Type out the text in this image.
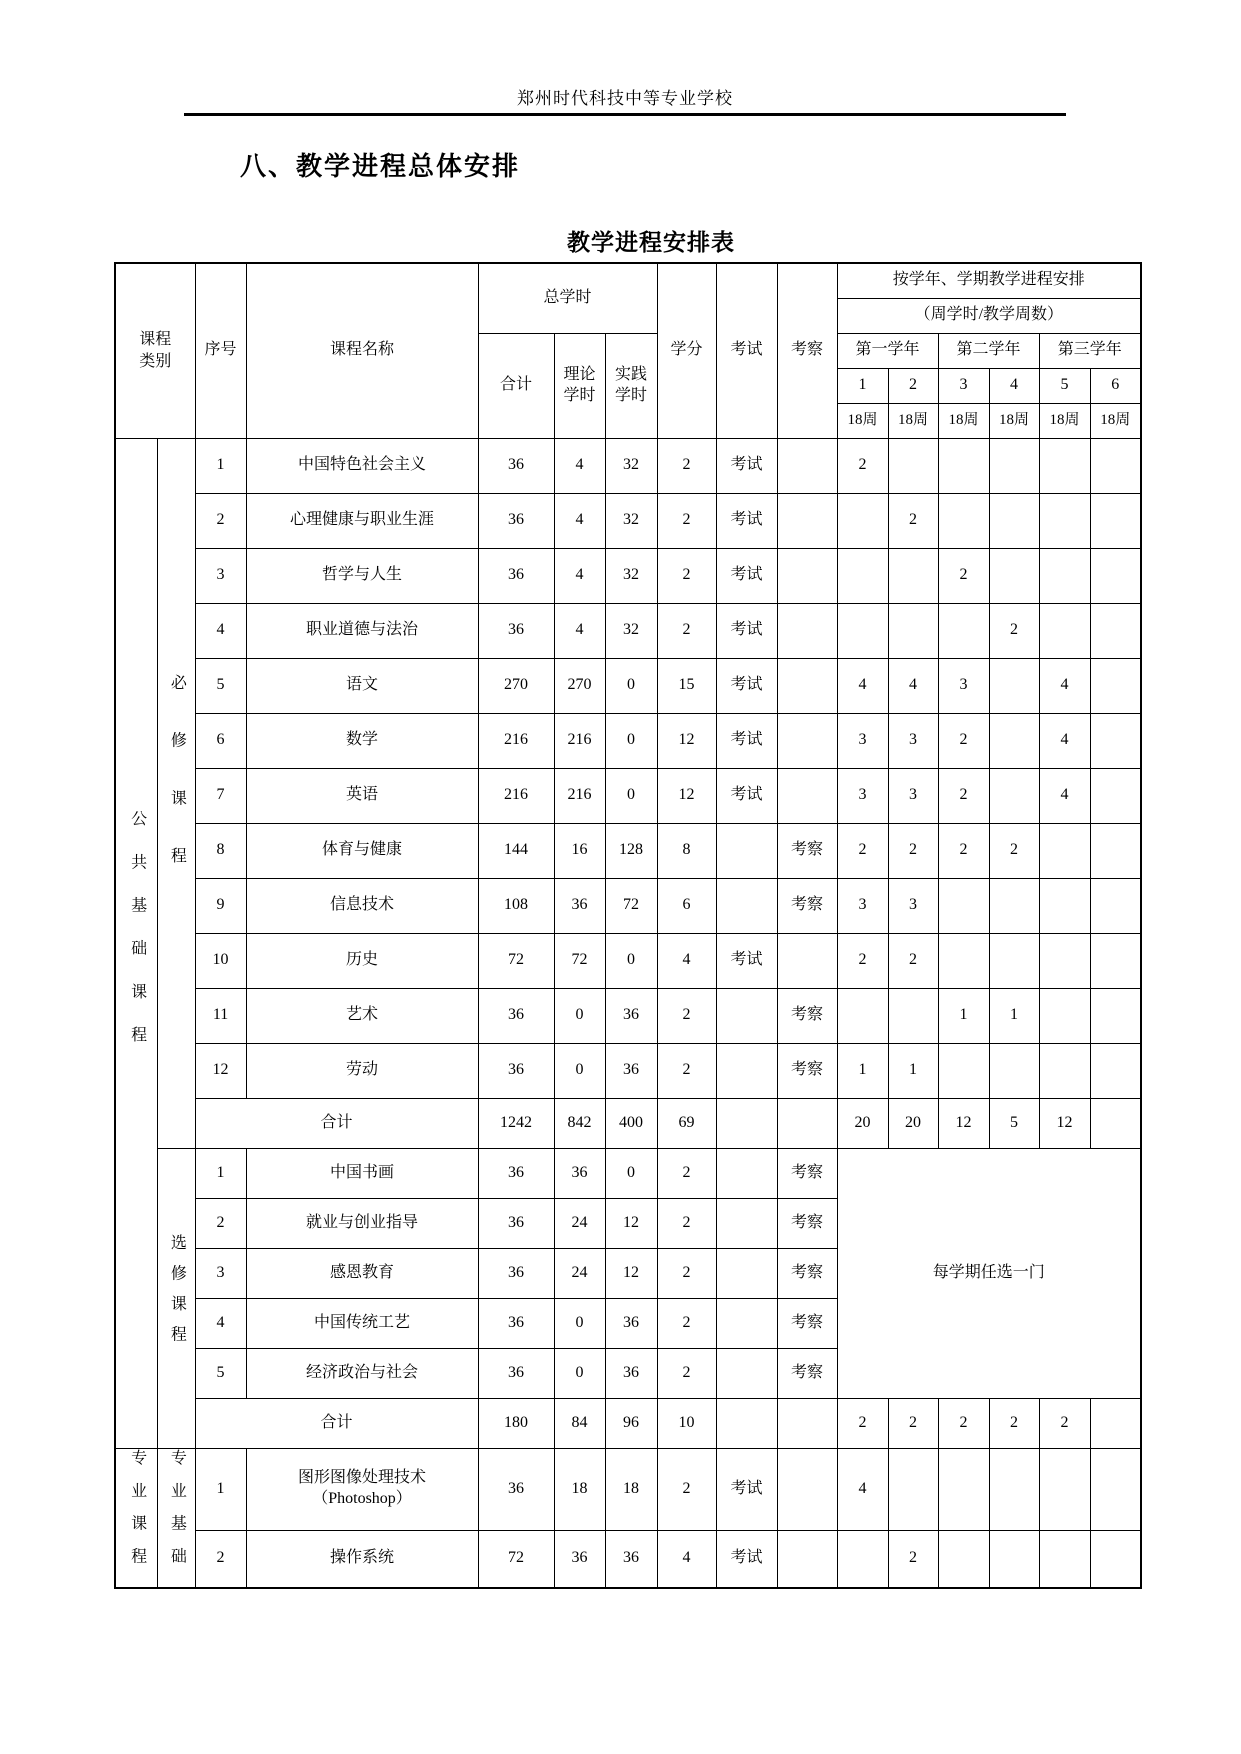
郑州时代科技中等专业学校
八、教学进程总体安排
教学进程安排表
课程类别		序号	课程名称	总学时			学分	考试	考察	按学年、学期教学进程安排					
										（周学时/教学周数）					
				合计	理论学时	实践学时				第一学年		第二学年		第三学年	
										1	2	3	4	5	6
										18周	18周	18周	18周	18周	18周
公共基础课程	必修课程	1	中国特色社会主义	36	4	32	2	考试		2					
		2	心理健康与职业生涯	36	4	32	2	考试			2				
		3	哲学与人生	36	4	32	2	考试				2			
		4	职业道德与法治	36	4	32	2	考试					2		
		5	语文	270	270	0	15	考试		4	4	3		4	
		6	数学	216	216	0	12	考试		3	3	2		4	
		7	英语	216	216	0	12	考试		3	3	2		4	
		8	体育与健康	144	16	128	8		考察	2	2	2	2		
		9	信息技术	108	36	72	6		考察	3	3				
		10	历史	72	72	0	4	考试		2	2				
		11	艺术	36	0	36	2		考察			1	1		
		12	劳动	36	0	36	2		考察	1	1				
		合计		1242	842	400	69			20	20	12	5	12	
	选修课程	1	中国书画	36	36	0	2		考察	每学期任选一门					
		2	就业与创业指导	36	24	12	2		考察						
		3	感恩教育	36	24	12	2		考察						
		4	中国传统工艺	36	0	36	2		考察						
		5	经济政治与社会	36	0	36	2		考察						
		合计		180	84	96	10			2	2	2	2	2	
专业课程	专业基础	1	图形图像处理技术
（Photoshop）	36	18	18	2	考试		4					
		2	操作系统	72	36	36	4	考试			2				
